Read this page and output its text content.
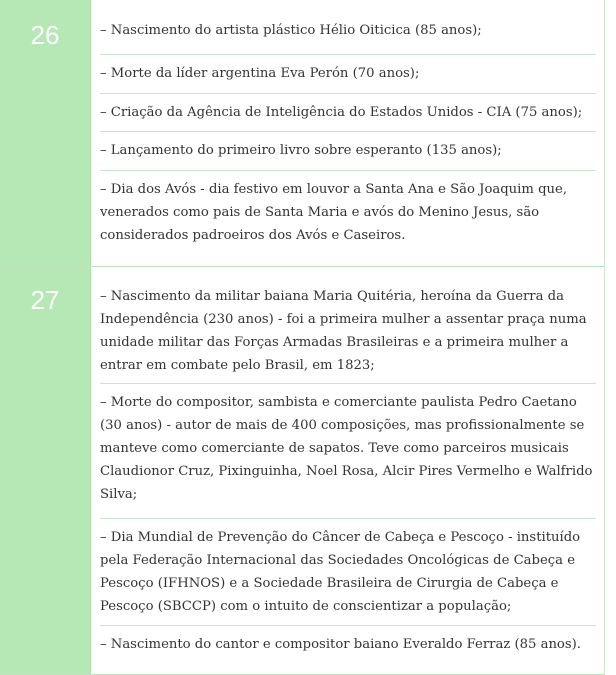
26	– Nascimento do artista plástico Hélio Oiticica (85 anos);
– Morte da líder argentina Eva Perón (70 anos);
– Criação da Agência de Inteligência do Estados Unidos - CIA (75 anos);
– Lançamento do primeiro livro sobre esperanto (135 anos);
– Dia dos Avós - dia festivo em louvor a Santa Ana e São Joaquim que, venerados como pais de Santa Maria e avós do Menino Jesus, são considerados padroeiros dos Avós e Caseiros.
27	– Nascimento da militar baiana Maria Quitéria, heroína da Guerra da Independência (230 anos) - foi a primeira mulher a assentar praça numa unidade militar das Forças Armadas Brasileiras e a primeira mulher a entrar em combate pelo Brasil, em 1823;
– Morte do compositor, sambista e comerciante paulista Pedro Caetano (30 anos) - autor de mais de 400 composições, mas profissionalmente se manteve como comerciante de sapatos. Teve como parceiros musicais Claudionor Cruz, Pixinguinha, Noel Rosa, Alcir Pires Vermelho e Walfrido Silva;
– Dia Mundial de Prevenção do Câncer de Cabeça e Pescoço - instituído pela Federação Internacional das Sociedades Oncológicas de Cabeça e Pescoço (IFHNOS) e a Sociedade Brasileira de Cirurgia de Cabeça e Pescoço (SBCCP) com o intuito de conscientizar a população;
– Nascimento do cantor e compositor baiano Everaldo Ferraz (85 anos).
